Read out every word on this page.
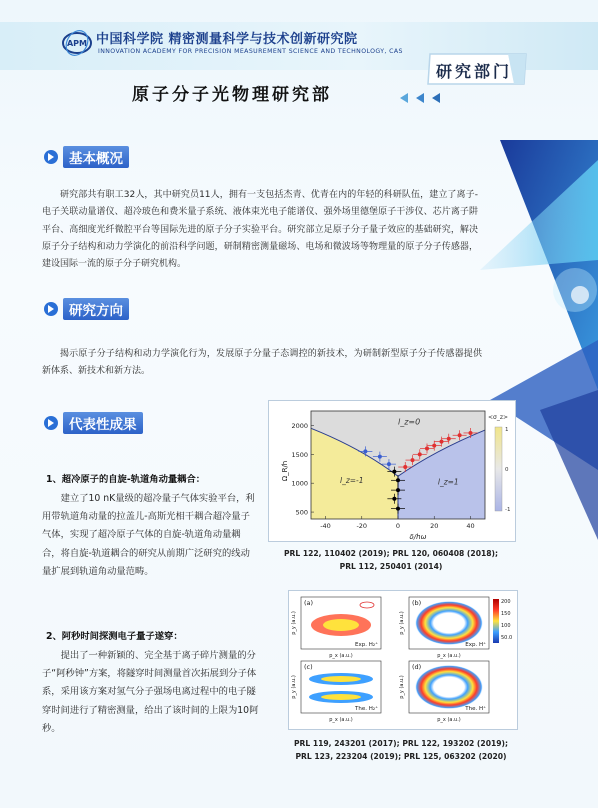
APM 中国科学院 精密测量科学与技术创新研究院
INNOVATION ACADEMY FOR PRECISION MEASUREMENT SCIENCE AND TECHNOLOGY, CAS
研究部门
原子分子光物理研究部
基本概况
研究部共有职工32人，其中研究员11人，拥有一支包括杰青、优青在内的年轻的科研队伍，建立了离子-电子关联动量谱仪、超冷玻色和费米量子系统、液体束光电子能谱仪、强外场里德堡原子干涉仪、芯片离子阱平台、高细度光纤微腔平台等国际先进的原子分子实验平台。研究部立足原子分子量子效应的基础研究，解决原子分子结构和动力学演化的前沿科学问题，研制精密测量磁场、电场和微波场等物理量的原子分子传感器，建设国际一流的原子分子研究机构。
研究方向
揭示原子分子结构和动力学演化行为，发展原子分量子态调控的新技术，为研制新型原子分子传感器提供新体系、新技术和新方法。
代表性成果
1、超冷原子的自旋-轨道角动量耦合：
建立了10 nK量级的超冷量子气体实验平台，利用带轨道角动量的拉盖儿-高斯光相干耦合超冷量子气体，实现了超冷原子气体的自旋-轨道角动量耦合，将自旋-轨道耦合的研究从前期广泛研究的线动量扩展到轨道角动量范畴。
2、阿秒时间探测电子量子遂穿：
提出了一种新颖的、完全基于离子碎片测量的分子“阿秒钟”方案，将隧穿时间测量首次拓展到分子体系，采用该方案对氢气分子强场电离过程中的电子隧穿时间进行了精密测量，给出了该时间的上限为10阿秒。
-40	-20	0	20	40
2000
1500
1000
500
δ/hω
Ω_R/h
l_z=0
l_z=-1	l_z=1
<σ_z>
1
0
-1
PRL 122, 110402 (2019); PRL 120, 060408 (2018);
PRL 112, 250401 (2014)
(a)
Exp. H₂⁺
p_y (a.u.)
p_x (a.u.)
(b)
Exp. H⁺
p_y (a.u.)
p_x (a.u.)
(c)
The. H₂⁺
p_y (a.u.)
p_x (a.u.)
(d)
The. H⁺
p_y (a.u.)
p_x (a.u.)
200
150
100
50.0
PRL 119, 243201 (2017); PRL 122, 193202 (2019);
PRL 123, 223204 (2019); PRL 125, 063202 (2020)
